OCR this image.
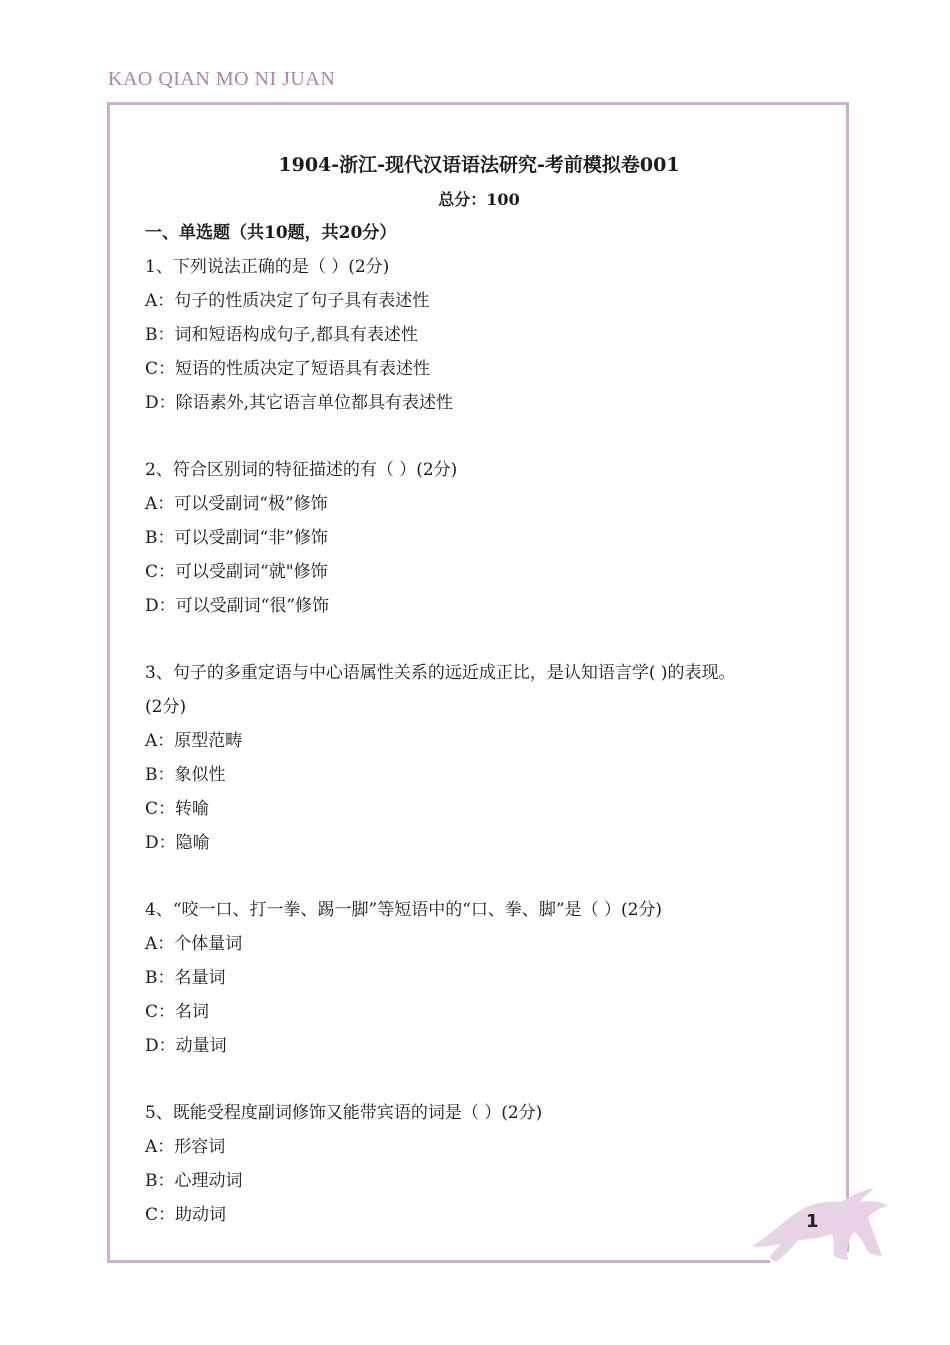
KAO QIAN MO NI JUAN

1904-浙江-现代汉语语法研究-考前模拟卷001

总分：100

一、单选题（共10题，共20分）

1、下列说法正确的是（ ）(2分)

A：句子的性质决定了句子具有表述性

B：词和短语构成句子,都具有表述性

C：短语的性质决定了短语具有表述性

D：除语素外,其它语言单位都具有表述性

2、符合区别词的特征描述的有（ ）(2分)

A：可以受副词“极”修饰

B：可以受副词“非”修饰

C：可以受副词“就"修饰

D：可以受副词“很”修饰

3、句子的多重定语与中心语属性关系的远近成正比，是认知语言学( )的表现。

(2分)

A：原型范畴

B：象似性

C：转喻

D：隐喻

4、“咬一口、打一拳、踢一脚”等短语中的“口、拳、脚”是（ ）(2分)

A：个体量词

B：名量词

C：名词

D：动量词

5、既能受程度副词修饰又能带宾语的词是（ ）(2分)

A：形容词

B：心理动词

C：助动词	1
